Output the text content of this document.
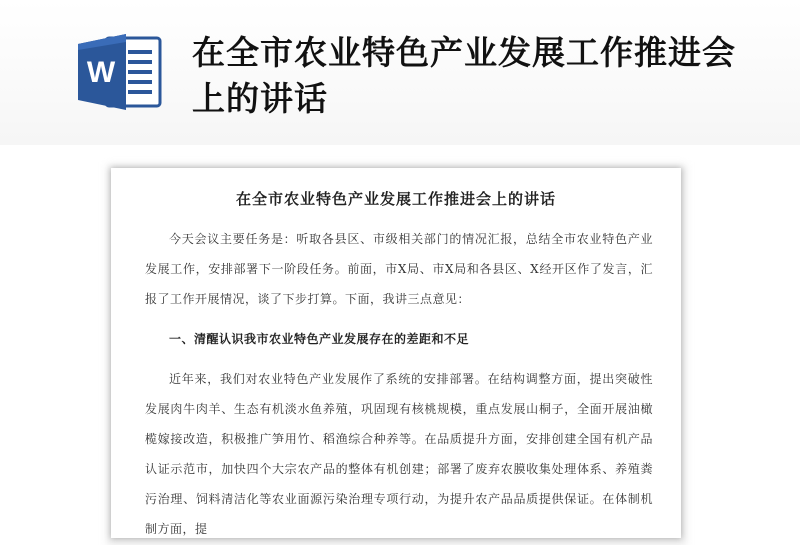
W
在全市农业特色产业发展工作推进会上的讲话
在全市农业特色产业发展工作推进会上的讲话
今天会议主要任务是：听取各县区、市级相关部门的情况汇报，总结全市农业特色产业发展工作，安排部署下一阶段任务。前面，市X局、市X局和各县区、X经开区作了发言，汇报了工作开展情况，谈了下步打算。下面，我讲三点意见：
一、清醒认识我市农业特色产业发展存在的差距和不足
近年来，我们对农业特色产业发展作了系统的安排部署。在结构调整方面，提出突破性发展肉牛肉羊、生态有机淡水鱼养殖，巩固现有核桃规模，重点发展山桐子，全面开展油橄榄嫁接改造，积极推广笋用竹、稻渔综合种养等。在品质提升方面，安排创建全国有机产品认证示范市，加快四个大宗农产品的整体有机创建；部署了废弃农膜收集处理体系、养殖粪污治理、饲料清洁化等农业面源污染治理专项行动，为提升农产品品质提供保证。在体制机制方面，提
